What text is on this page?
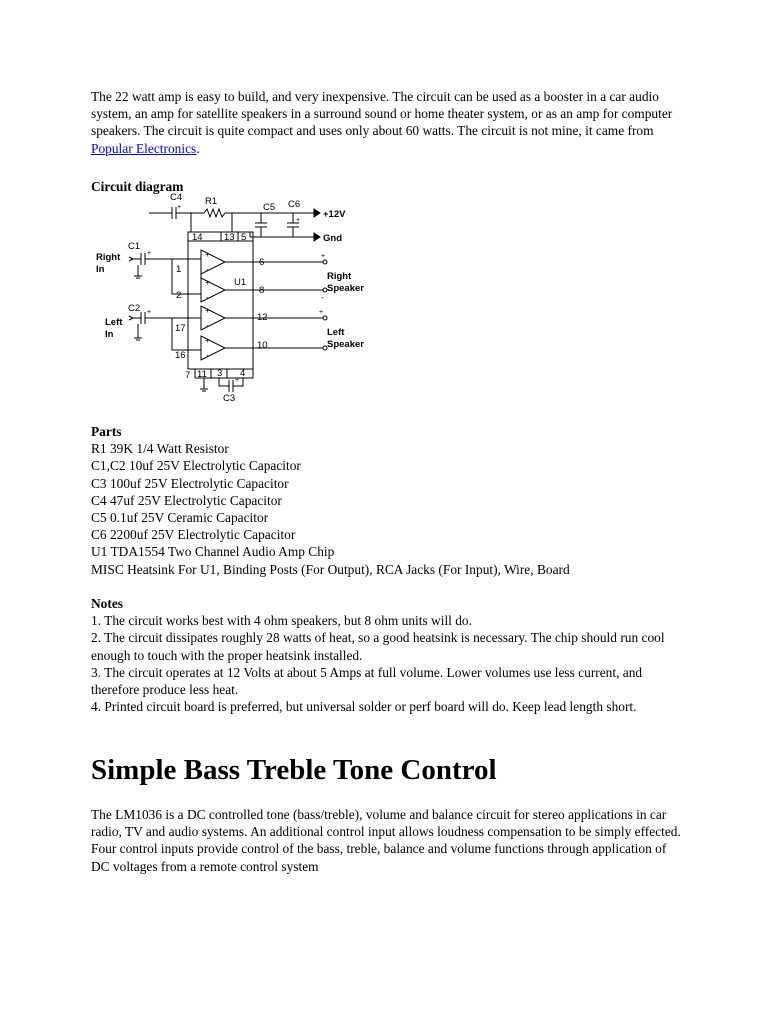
The 22 watt amp is easy to build, and very inexpensive. The circuit can be used as a booster in a car audio system, an amp for satellite speakers in a surround sound or home theater system, or as an amp for computer speakers. The circuit is quite compact and uses only about 60 watts. The circuit is not mine, it came from Popular Electronics.

Circuit diagram

C4
+
R1
+12V
C5 C6
+
Gnd
14 13 5
U1
Right
In
C1
+
1
2
+
-
+
-
6
+
Right
Speaker
8
-
Left
In
C2 +
17
16
+
-
+
-
12	+
Left
Speaker
10
7 11 3 4
+
C3

Parts

R1 39K 1/4 Watt Resistor

C1,C2 10uf 25V Electrolytic Capacitor

C3 100uf 25V Electrolytic Capacitor

C4 47uf 25V Electrolytic Capacitor

C5 0.1uf 25V Ceramic Capacitor

C6 2200uf 25V Electrolytic Capacitor

U1 TDA1554 Two Channel Audio Amp Chip

MISC Heatsink For U1, Binding Posts (For Output), RCA Jacks (For Input), Wire, Board

Notes

1. The circuit works best with 4 ohm speakers, but 8 ohm units will do.

2. The circuit dissipates roughly 28 watts of heat, so a good heatsink is necessary. The chip should run cool enough to touch with the proper heatsink installed.

3. The circuit operates at 12 Volts at about 5 Amps at full volume. Lower volumes use less current, and therefore produce less heat.

4. Printed circuit board is preferred, but universal solder or perf board will do. Keep lead length short.

Simple Bass Treble Tone Control

The LM1036 is a DC controlled tone (bass/treble), volume and balance circuit for stereo applications in car radio, TV and audio systems. An additional control input allows loudness compensation to be simply effected. Four control inputs provide control of the bass, treble, balance and volume functions through application of DC voltages from a remote control system
